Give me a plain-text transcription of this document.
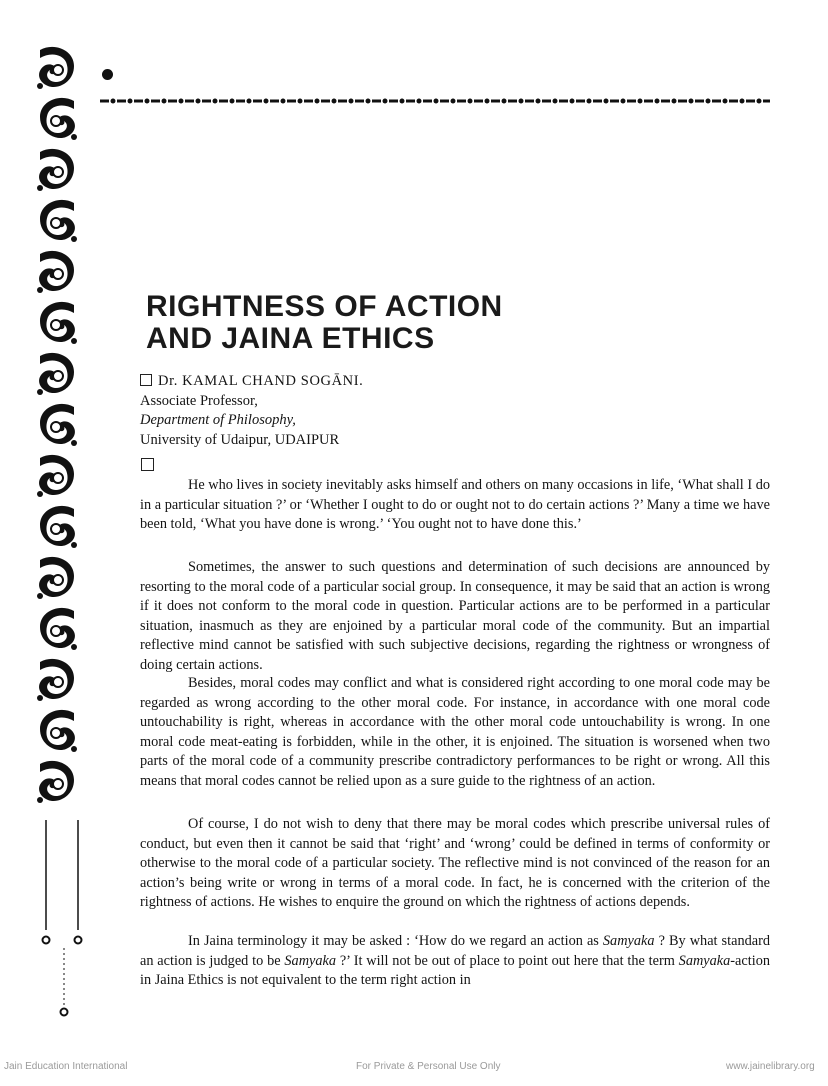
RIGHTNESS OF ACTION
AND JAINA ETHICS
Dr. KAMAL CHAND SOGĀNI.
Associate Professor,
Department of Philosophy,
University of Udaipur, UDAIPUR

He who lives in society inevitably asks himself and others on many occasions in life, ‘What shall I do in a particular situation ?’ or ‘Whether I ought to do or ought not to do certain actions ?’ Many a time we have been told, ‘What you have done is wrong.’ ‘You ought not to have done this.’

Sometimes, the answer to such questions and determination of such decisions are announced by resorting to the moral code of a particular social group. In consequence, it may be said that an action is wrong if it does not conform to the moral code in question. Particular actions are to be performed in a particular situation, inasmuch as they are enjoined by a particular moral code of the community. But an impartial reflective mind cannot be satisfied with such subjective decisions, regarding the rightness or wrongness of doing certain actions.

Besides, moral codes may conflict and what is considered right according to one moral code may be regarded as wrong according to the other moral code. For instance, in accordance with one moral code untouchability is right, whereas in accordance with the other moral code untouchability is wrong. In one moral code meat-eating is forbidden, while in the other, it is enjoined. The situation is worsened when two parts of the moral code of a community prescribe contradictory performances to be right or wrong. All this means that moral codes cannot be relied upon as a sure guide to the rightness of an action.

Of course, I do not wish to deny that there may be moral codes which prescribe universal rules of conduct, but even then it cannot be said that ‘right’ and ‘wrong’ could be defined in terms of conformity or otherwise to the moral code of a particular society. The reflective mind is not convinced of the reason for an action’s being write or wrong in terms of a moral code. In fact, he is concerned with the criterion of the rightness of actions. He wishes to enquire the ground on which the rightness of actions depends.

In Jaina terminology it may be asked : ‘How do we regard an action as Samyaka ? By what standard an action is judged to be Samyaka ?’ It will not be out of place to point out here that the term Samyaka-action in Jaina Ethics is not equivalent to the term right action in

Jain Education International	For Private & Personal Use Only	www.jainelibrary.org
